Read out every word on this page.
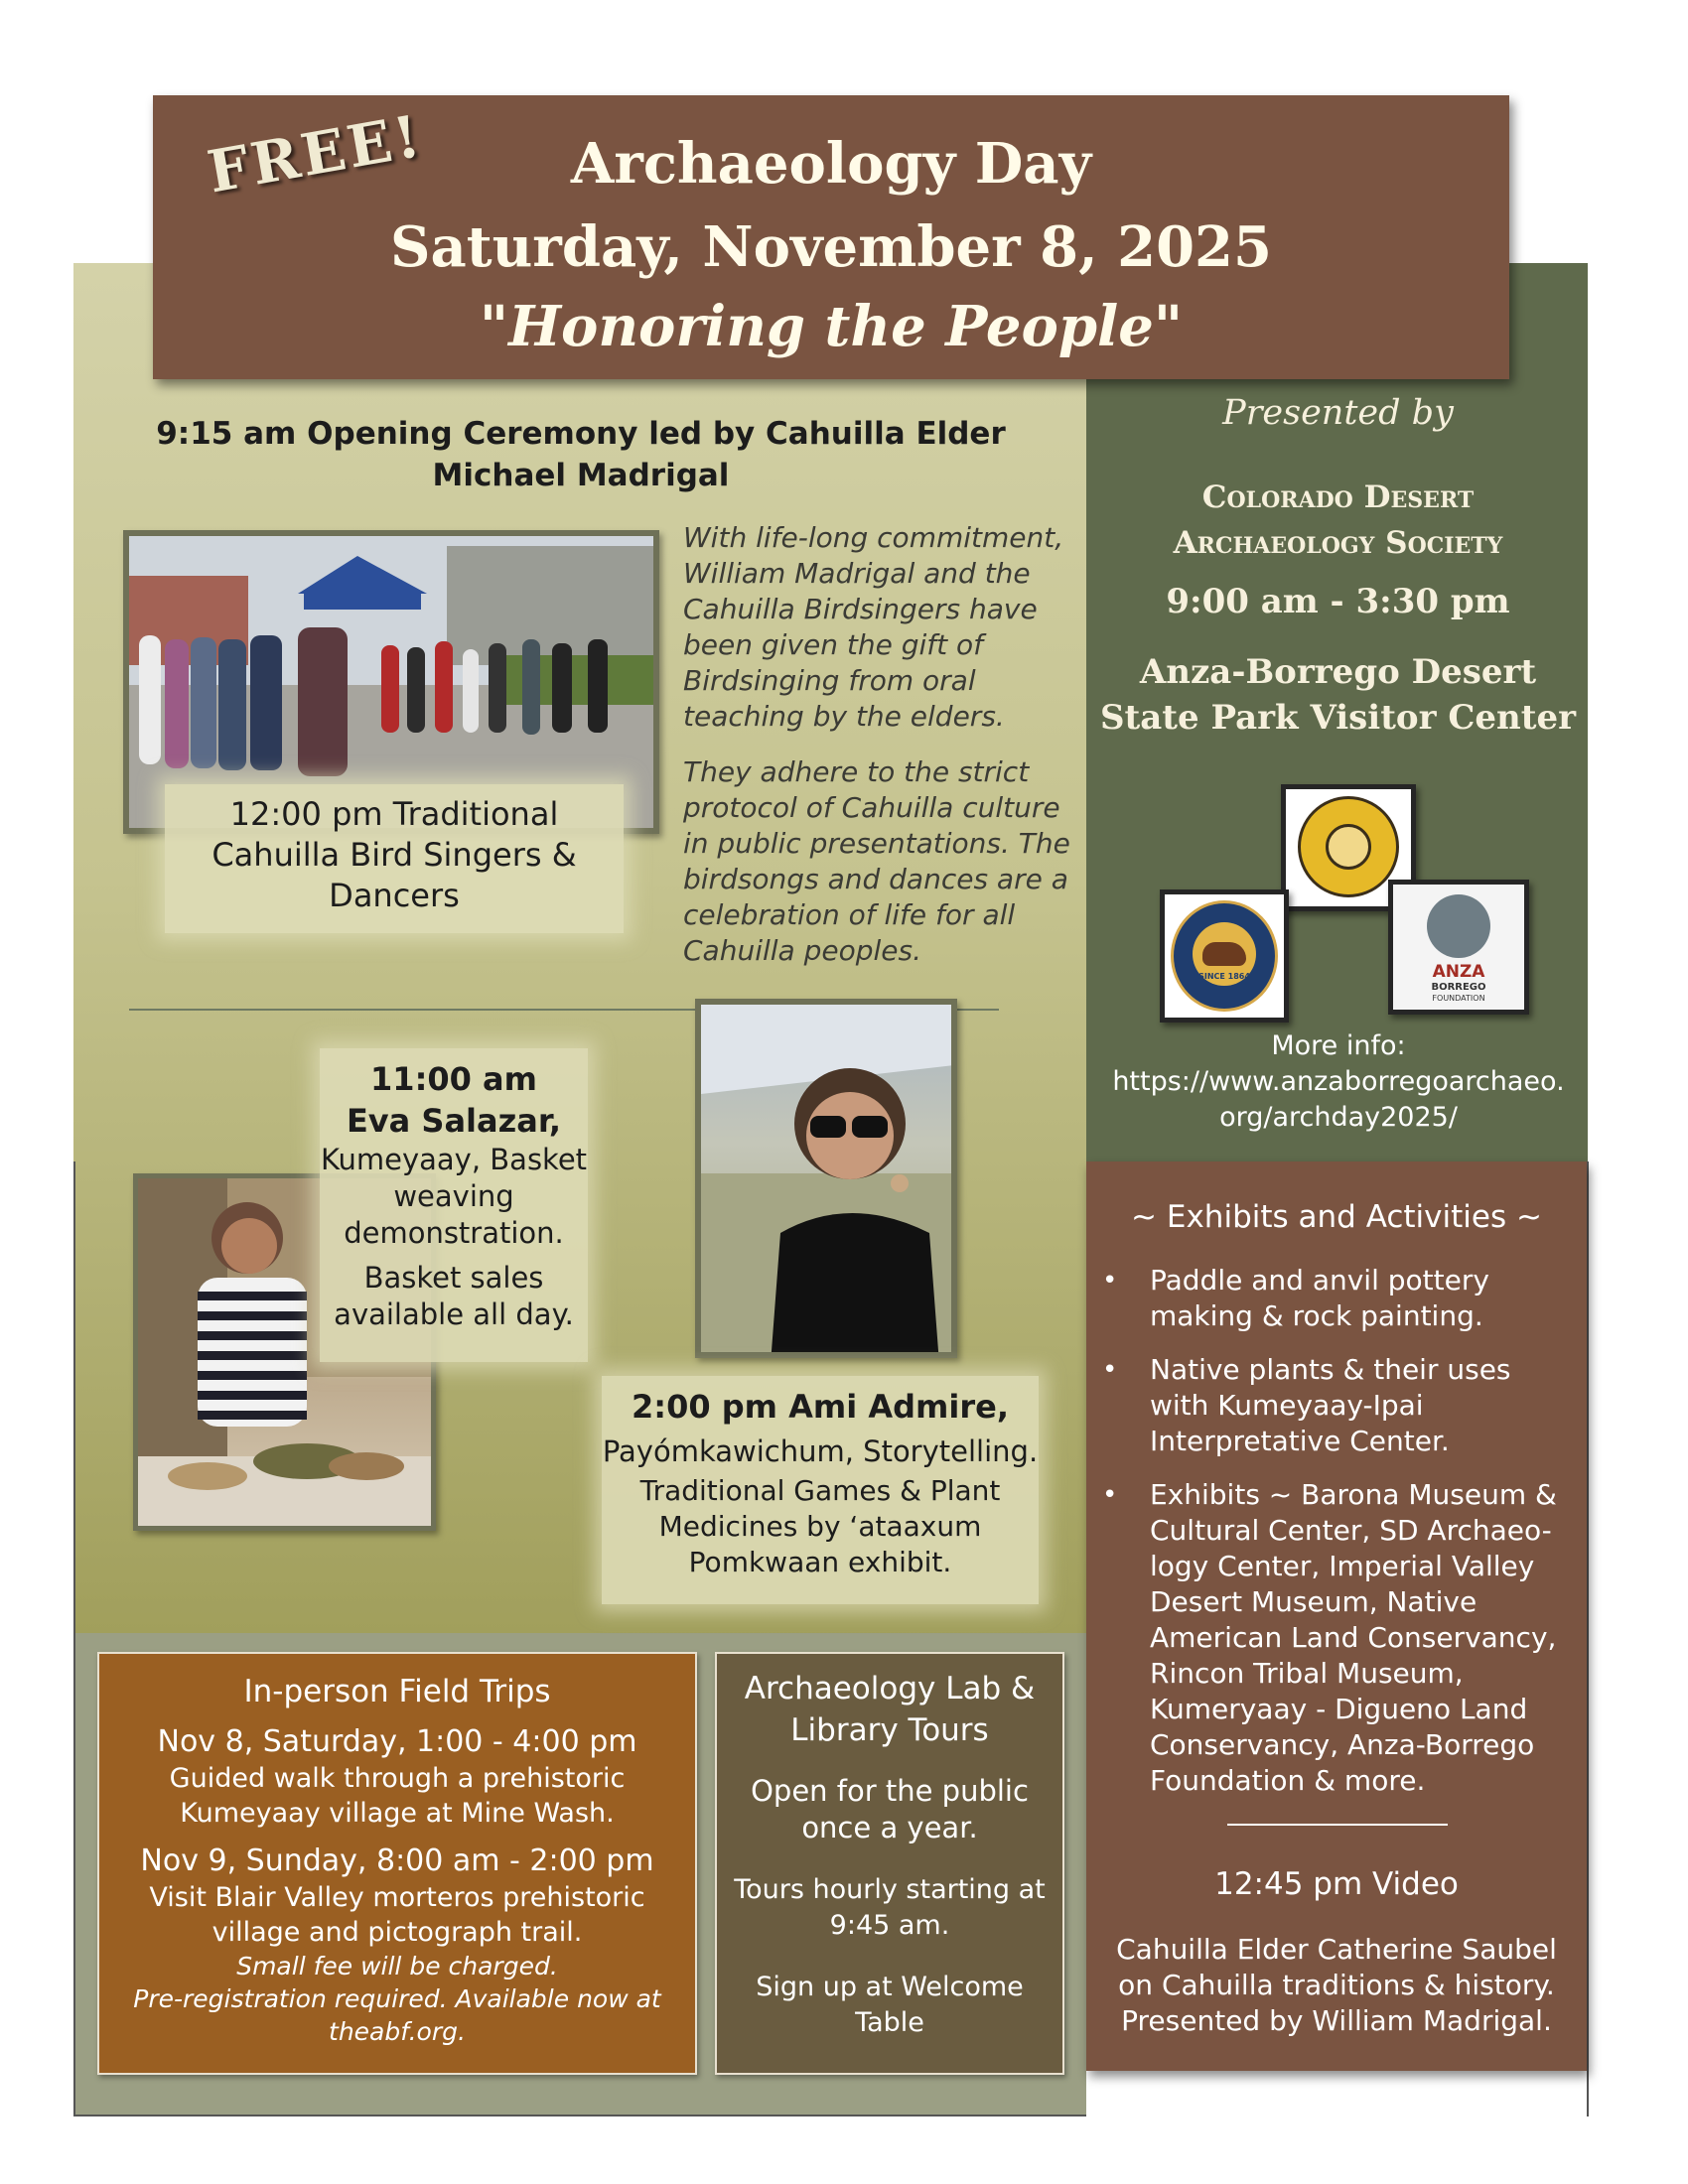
Archaeology Day
Saturday, November 8, 2025
"Honoring the People"
FREE!
9:15 am Opening Ceremony led by Cahuilla Elder
Michael Madrigal
12:00 pm Traditional
Cahuilla Bird Singers &
Dancers
With life-long commitment, William Madrigal and the Cahuilla Birdsingers have been given the gift of Birdsinging from oral teaching by the elders.
They adhere to the strict protocol of Cahuilla culture in public presentations. The birdsongs and dances are a celebration of life for all Cahuilla peoples.
11:00 am
Eva Salazar,
Kumeyaay, Basket weaving demonstration.
Basket sales available all day.
2:00 pm Ami Admire,
Payómkawichum, Storytelling.
Traditional Games & Plant Medicines by ‘ataaxum Pomkwaan exhibit.
Presented by
Colorado Desert
Archaeology Society
9:00 am - 3:30 pm
Anza-Borrego Desert
State Park Visitor Center
SINCE 1864	ANZA
BORREGO
FOUNDATION
More info:
https://www.anzaborregoarchaeo.
org/archday2025/
~ Exhibits and Activities ~
• Paddle and anvil pottery making & rock painting.
• Native plants & their uses with Kumeyaay-Ipai Interpretative Center.
• Exhibits ~ Barona Museum & Cultural Center, SD Archaeo-logy Center, Imperial Valley Desert Museum, Native American Land Conservancy, Rincon Tribal Museum, Kumeryaay - Digueno Land Conservancy, Anza-Borrego Foundation & more.
12:45 pm Video
Cahuilla Elder Catherine Saubel on Cahuilla traditions & history. Presented by William Madrigal.
In-person Field Trips
Nov 8, Saturday, 1:00 - 4:00 pm
Guided walk through a prehistoric Kumeyaay village at Mine Wash.
Nov 9, Sunday, 8:00 am - 2:00 pm
Visit Blair Valley morteros prehistoric village and pictograph trail.
Small fee will be charged.
Pre-registration required. Available now at theabf.org.
Archaeology Lab & Library Tours
Open for the public once a year.
Tours hourly starting at 9:45 am.
Sign up at Welcome Table
